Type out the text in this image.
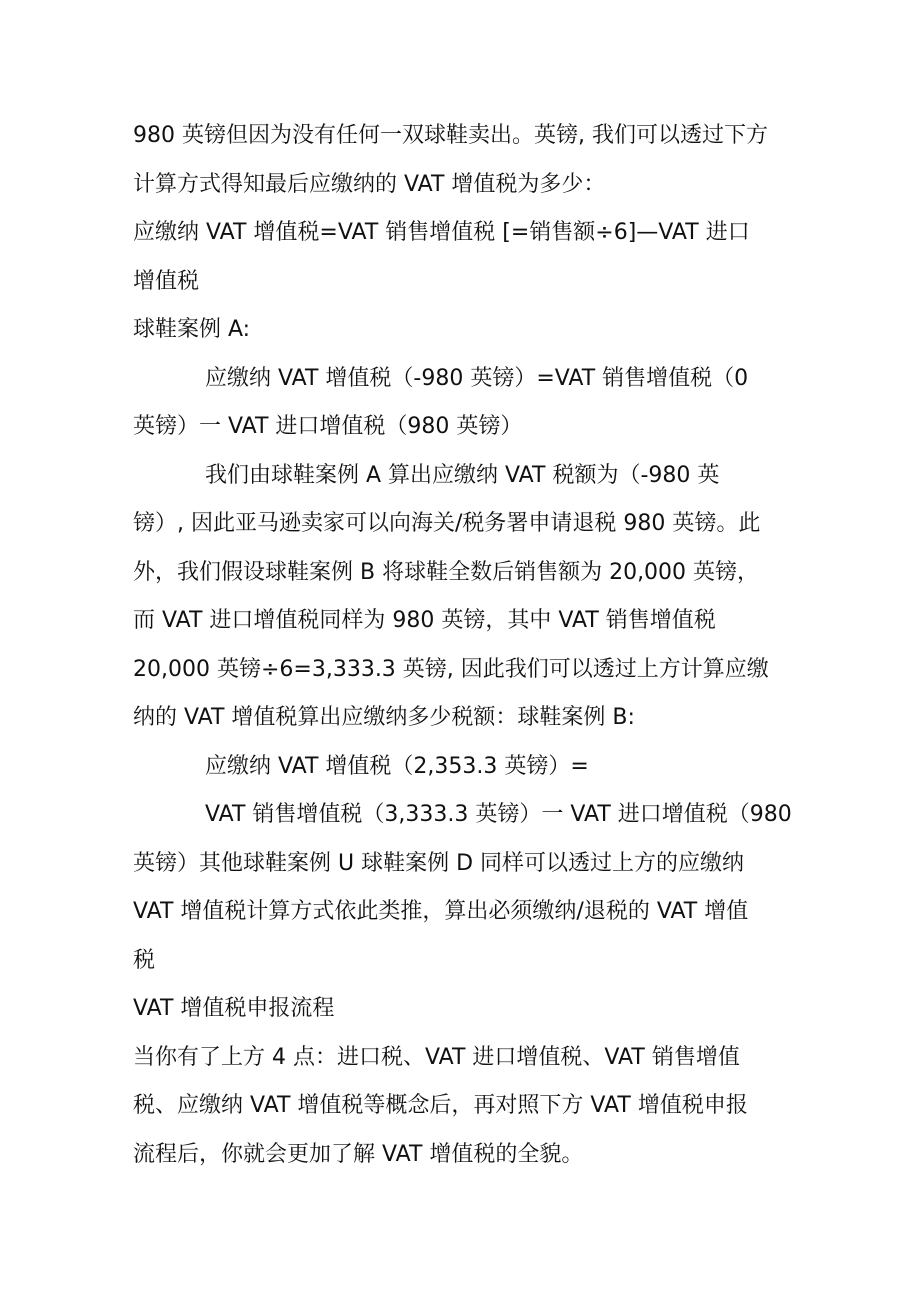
980 英镑但因为没有任何一双球鞋卖出。英镑, 我们可以透过下方
计算方式得知最后应缴纳的 VAT 增值税为多少：
应缴纳 VAT 增值税=VAT 销售增值税 [=销售额÷6]—VAT 进口
增值税
球鞋案例 A:
应缴纳 VAT 增值税（-980 英镑）=VAT 销售增值税（0
英镑）一 VAT 进口增值税（980 英镑）
我们由球鞋案例 A 算出应缴纳 VAT 税额为（-980 英
镑）, 因此亚马逊卖家可以向海关/税务署申请退税 980 英镑。此
外，我们假设球鞋案例 B 将球鞋全数后销售额为 20,000 英镑，
而 VAT 进口增值税同样为 980 英镑，其中 VAT 销售增值税
20,000 英镑÷6=3,333.3 英镑, 因此我们可以透过上方计算应缴
纳的 VAT 增值税算出应缴纳多少税额：球鞋案例 B:
应缴纳 VAT 增值税（2,353.3 英镑）=
VAT 销售增值税（3,333.3 英镑）一 VAT 进口增值税（980
英镑）其他球鞋案例 U 球鞋案例 D 同样可以透过上方的应缴纳
VAT 增值税计算方式依此类推，算出必须缴纳/退税的 VAT 增值
税
VAT 增值税申报流程
当你有了上方 4 点：进口税、VAT 进口增值税、VAT 销售增值
税、应缴纳 VAT 增值税等概念后，再对照下方 VAT 增值税申报
流程后，你就会更加了解 VAT 增值税的全貌。
